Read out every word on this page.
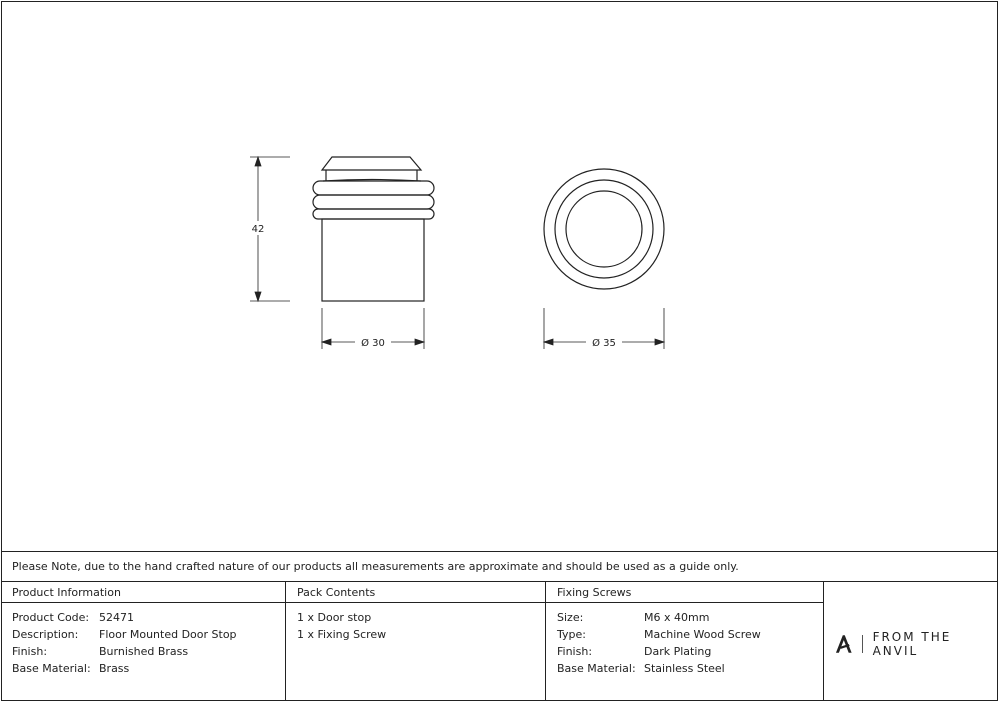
42
Ø 30	Ø 35
Please Note, due to the hand crafted nature of our products all measurements are approximate and should be used as a guide only.
Product Information
Product Code: 52471
Description: Floor Mounted Door Stop
Finish:	Burnished Brass
Base Material: Brass
Pack Contents
1 x Door stop
1 x Fixing Screw
Fixing Screws
Size:	M6 x 40mm
Type:	Machine Wood Screw
Finish:	Dark Plating
Base Material: Stainless Steel
FROM THE ANVIL
